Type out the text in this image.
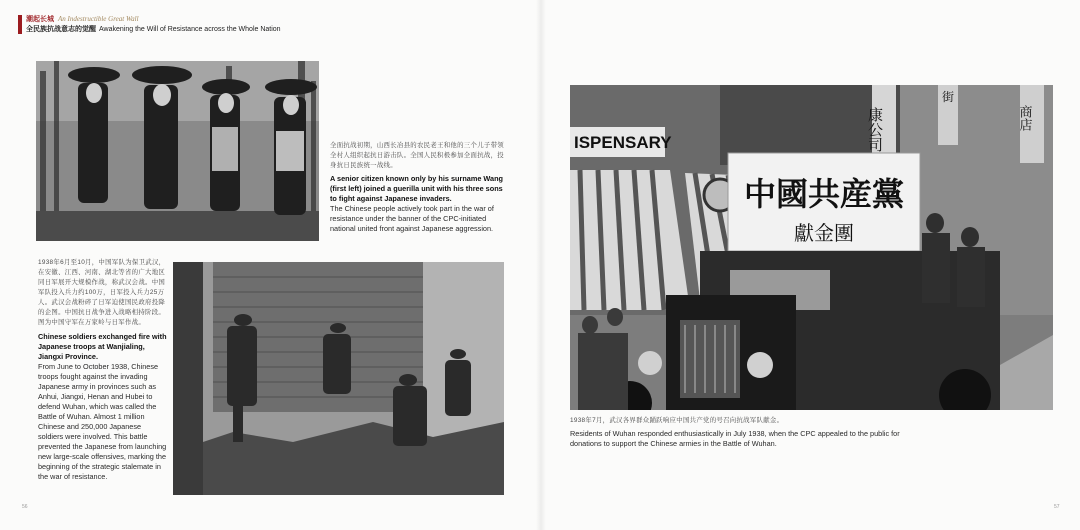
潮起长城 An Indestructible Great Wall
全民族抗战意志的觉醒 Awakening the Will of Resistance across the Whole Nation
全面抗战初期，山西长冶县的农民老王和他的三个儿子带领全村人组织起抗日游击队。全国人民积极参加全面抗战，投身抗日民族统一战线。
A senior citizen known only by his surname Wang (first left) joined a guerilla unit with his three sons to fight against Japanese invaders.
The Chinese people actively took part in the war of resistance under the banner of the CPC-initiated national united front against Japanese aggression.
1938年6月至10月，中国军队为保卫武汉，在安徽、江西、河南、湖北等省的广大地区同日军展开大规模作战，称武汉会战。中国军队投入兵力约100万，日军投入兵力25万人。武汉会战粉碎了日军迫使国民政府投降的企图。中国抗日战争进入战略相持阶段。图为中国守军在万家岭与日军作战。
Chinese soldiers exchanged fire with Japanese troops at Wanjialing, Jiangxi Province.
From June to October 1938, Chinese troops fought against the invading Japanese army in provinces such as Anhui, Jiangxi, Henan and Hubei to defend Wuhan, which was called the Battle of Wuhan. Almost 1 million Chinese and 250,000 Japanese soldiers were involved. This battle prevented the Japanese from launching new large-scale offensives, marking the beginning of the strategic stalemate in the war of resistance.
ISPENSARY	康公司
街
商店
中國共産黨
獻金團
1938年7月，武汉各界群众踊跃响应中国共产党的号召向抗战军队献金。
Residents of Wuhan responded enthusiastically in July 1938, when the CPC appealed to the public for donations to support the Chinese armies in the Battle of Wuhan.
56	57
